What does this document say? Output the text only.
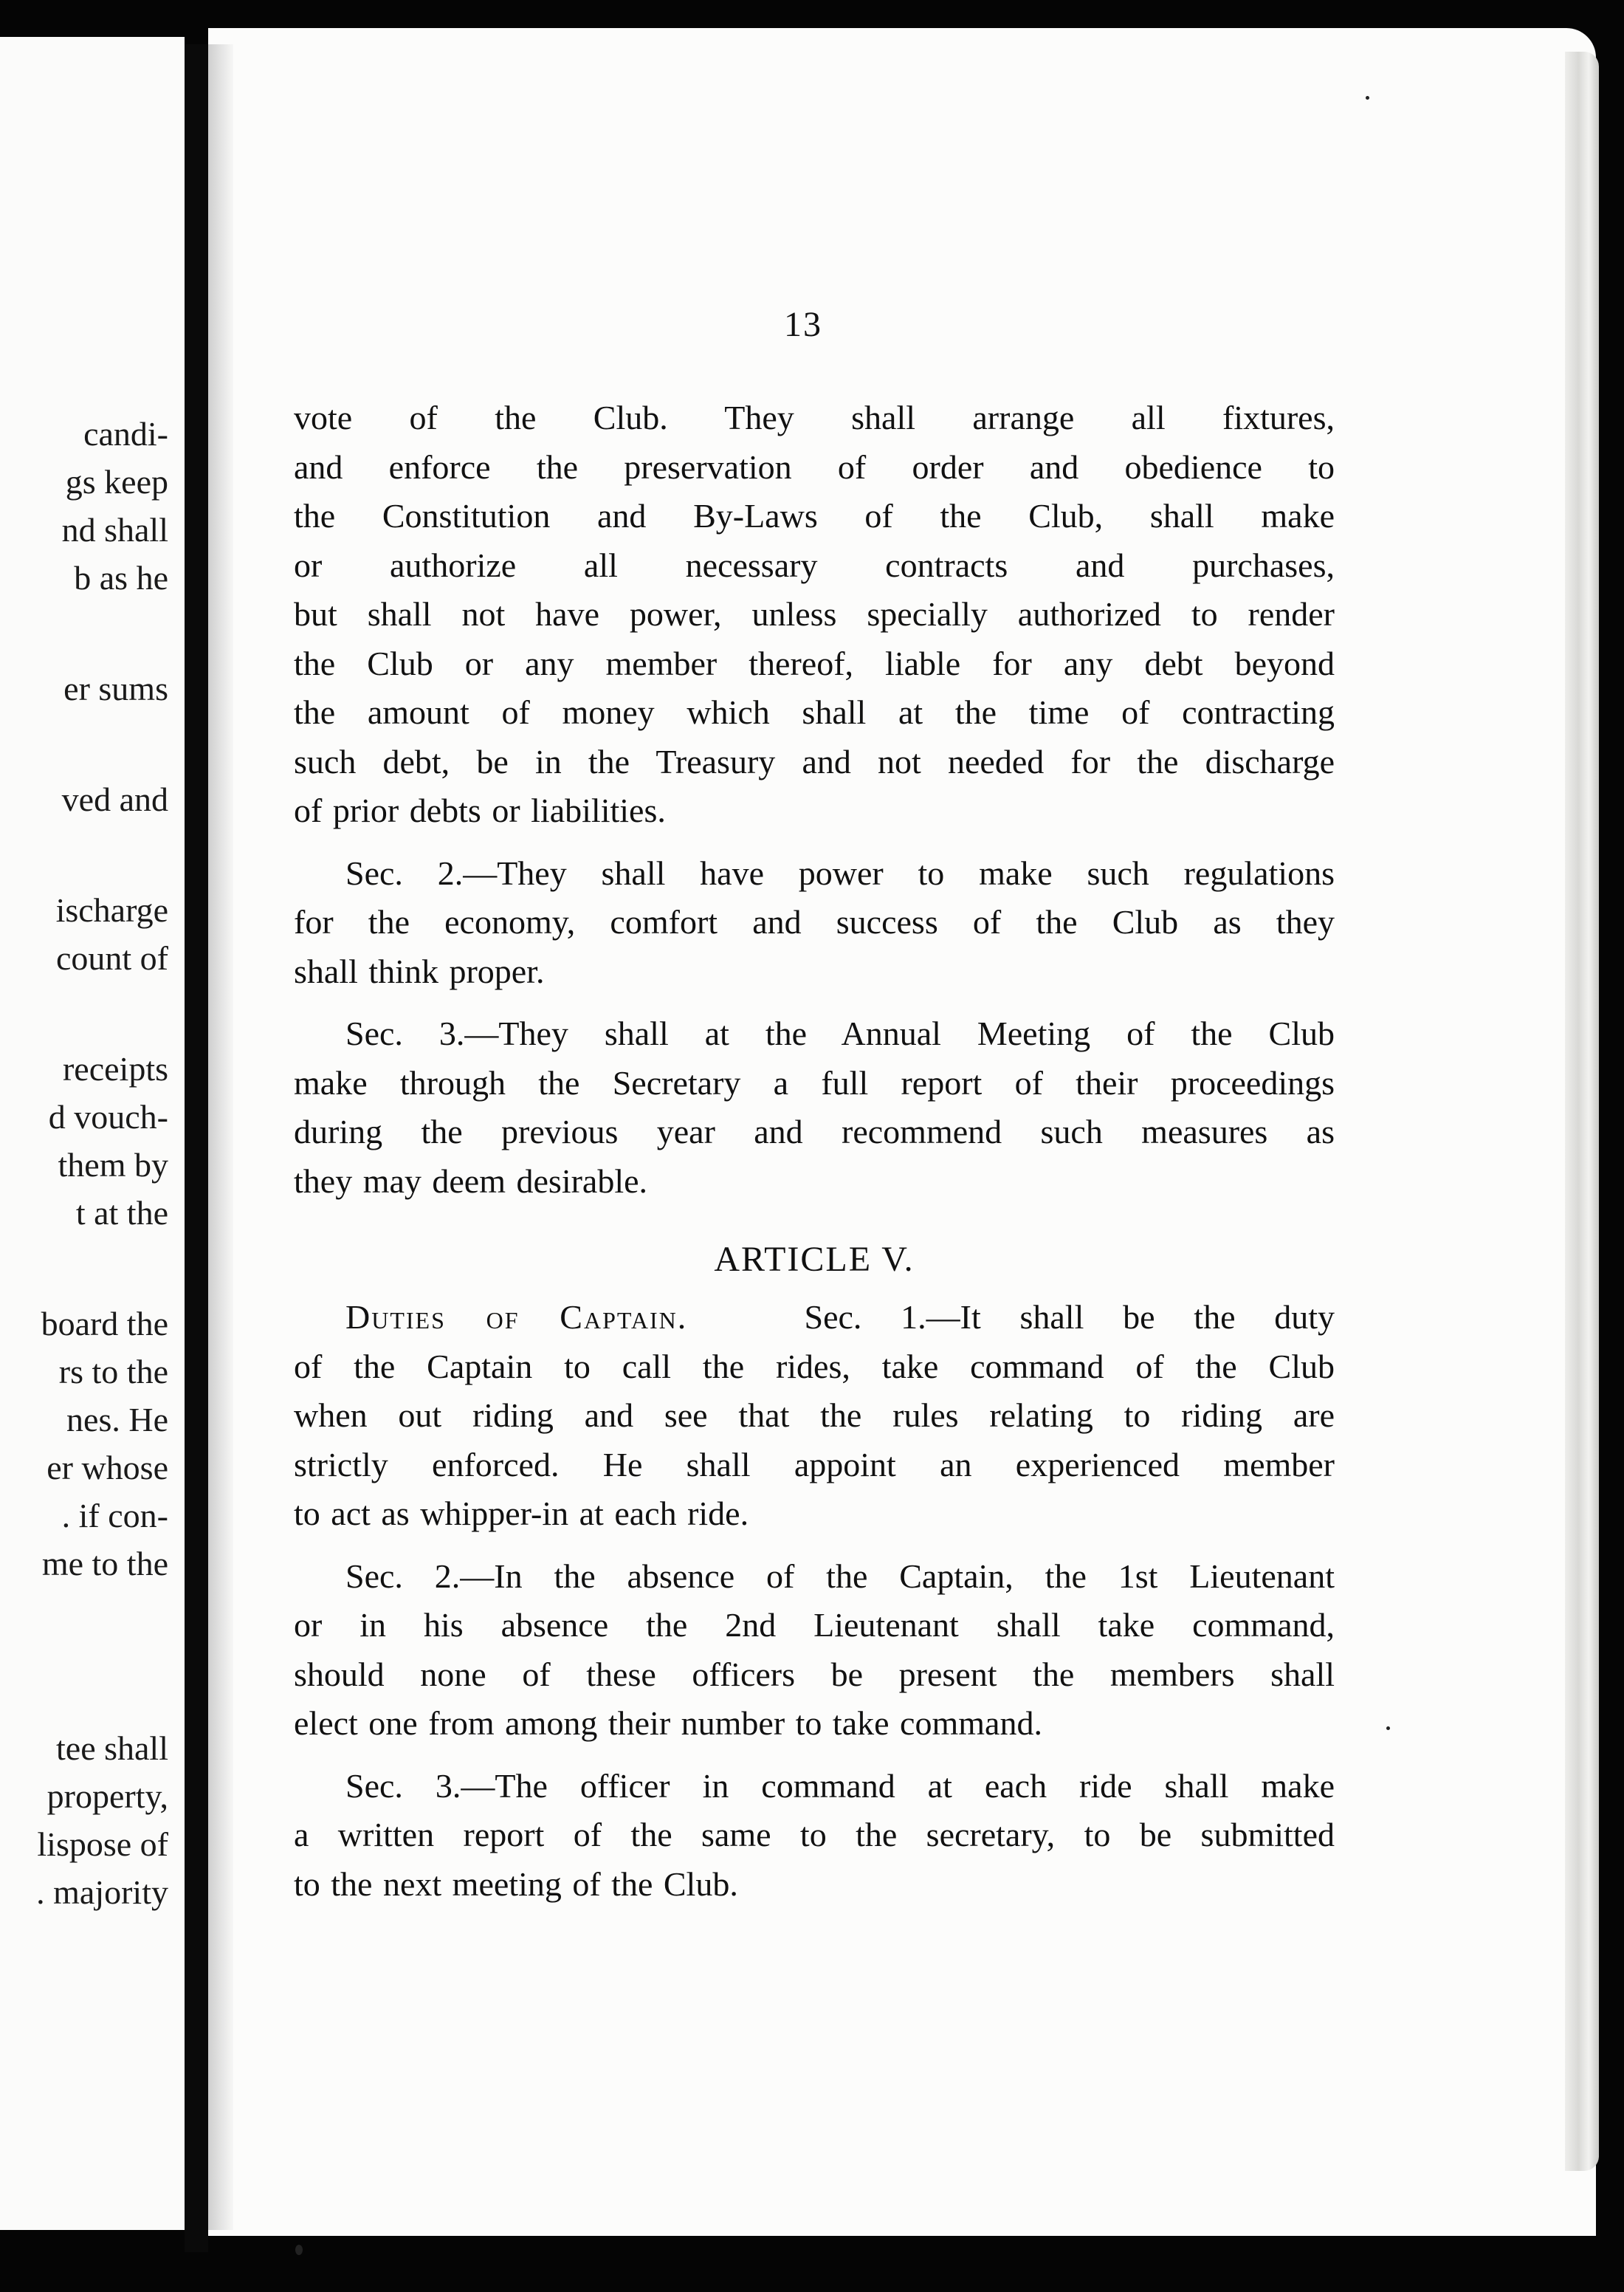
candi-
gs keep
nd shall
b as he
er sums
ved and
ischarge
count of
receipts
d vouch-
them by
t at the
board the
rs to the
nes. He
er whose
. if con-
me to the
tee shall
property,
lispose of
. majority
13

vote of the Club. They shall arrange all fixtures,
and enforce the preservation of order and obedience to
the Constitution and By-Laws of the Club, shall make
or authorize all necessary contracts and purchases,
but shall not have power, unless specially authorized to render
the Club or any member thereof, liable for any debt beyond
the amount of money which shall at the time of contracting
such debt, be in the Treasury and not needed for the discharge
of prior debts or liabilities.

Sec. 2.—They shall have power to make such regulations
for the economy, comfort and success of the Club as they
shall think proper.

Sec. 3.—They shall at the Annual Meeting of the Club
make through the Secretary a full report of their proceedings
during the previous year and recommend such measures as
they may deem desirable.

ARTICLE V.

Duties of Captain.	Sec. 1.—It shall be the duty
of the Captain to call the rides, take command of the Club
when out riding and see that the rules relating to riding are
strictly enforced. He shall appoint an experienced member
to act as whipper-in at each ride.

Sec. 2.—In the absence of the Captain, the 1st Lieutenant
or in his absence the 2nd Lieutenant shall take command,
should none of these officers be present the members shall
elect one from among their number to take command.

Sec. 3.—The officer in command at each ride shall make
a written report of the same to the secretary, to be submitted
to the next meeting of the Club.
